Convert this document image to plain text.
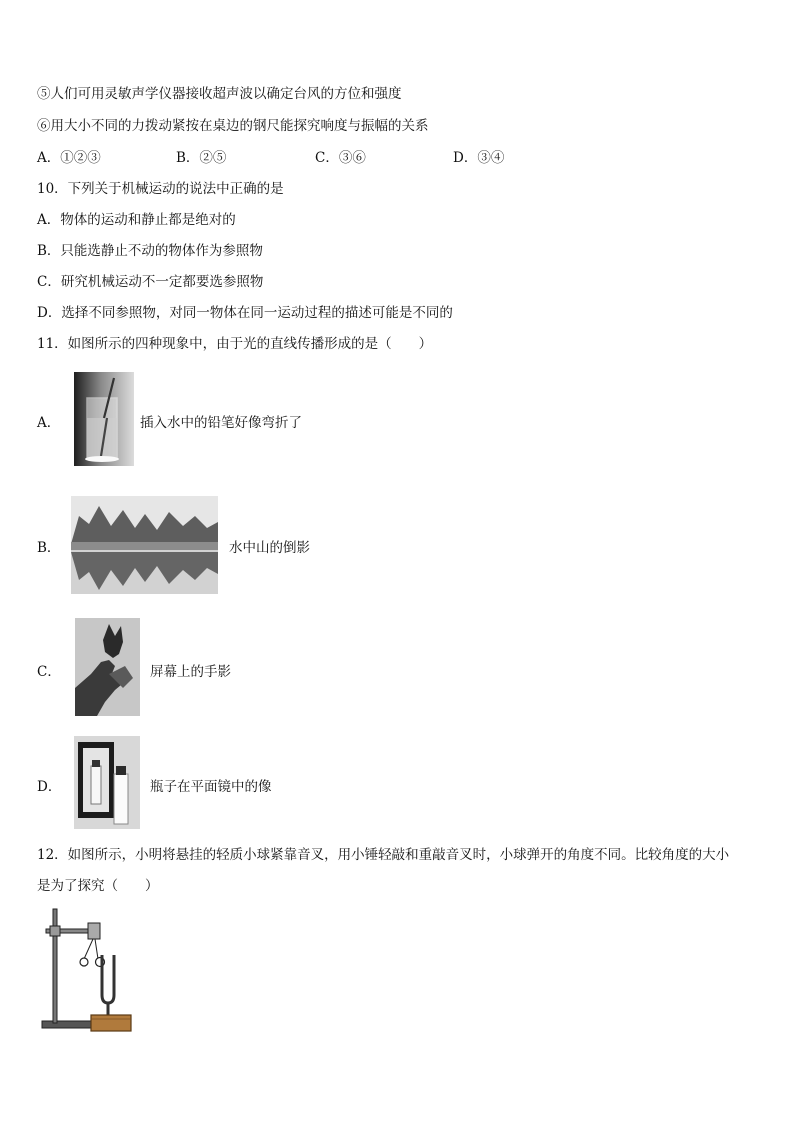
⑤人们可用灵敏声学仪器接收超声波以确定台风的方位和强度
⑥用大小不同的力拨动紧按在桌边的钢尺能探究响度与振幅的关系
A．①②③	B．②⑤	C．③⑥	D．③④
10．下列关于机械运动的说法中正确的是
A．物体的运动和静止都是绝对的
B．只能选静止不动的物体作为参照物
C．研究机械运动不一定都要选参照物
D．选择不同参照物，对同一物体在同一运动过程的描述可能是不同的
11．如图所示的四种现象中，由于光的直线传播形成的是（　　）
A．	插入水中的铅笔好像弯折了
B．	水中山的倒影
C．	屏幕上的手影
D．	瓶子在平面镜中的像
12．如图所示，小明将悬挂的轻质小球紧靠音叉，用小锤轻敲和重敲音叉时，小球弹开的角度不同。比较角度的大小
是为了探究（　　）
